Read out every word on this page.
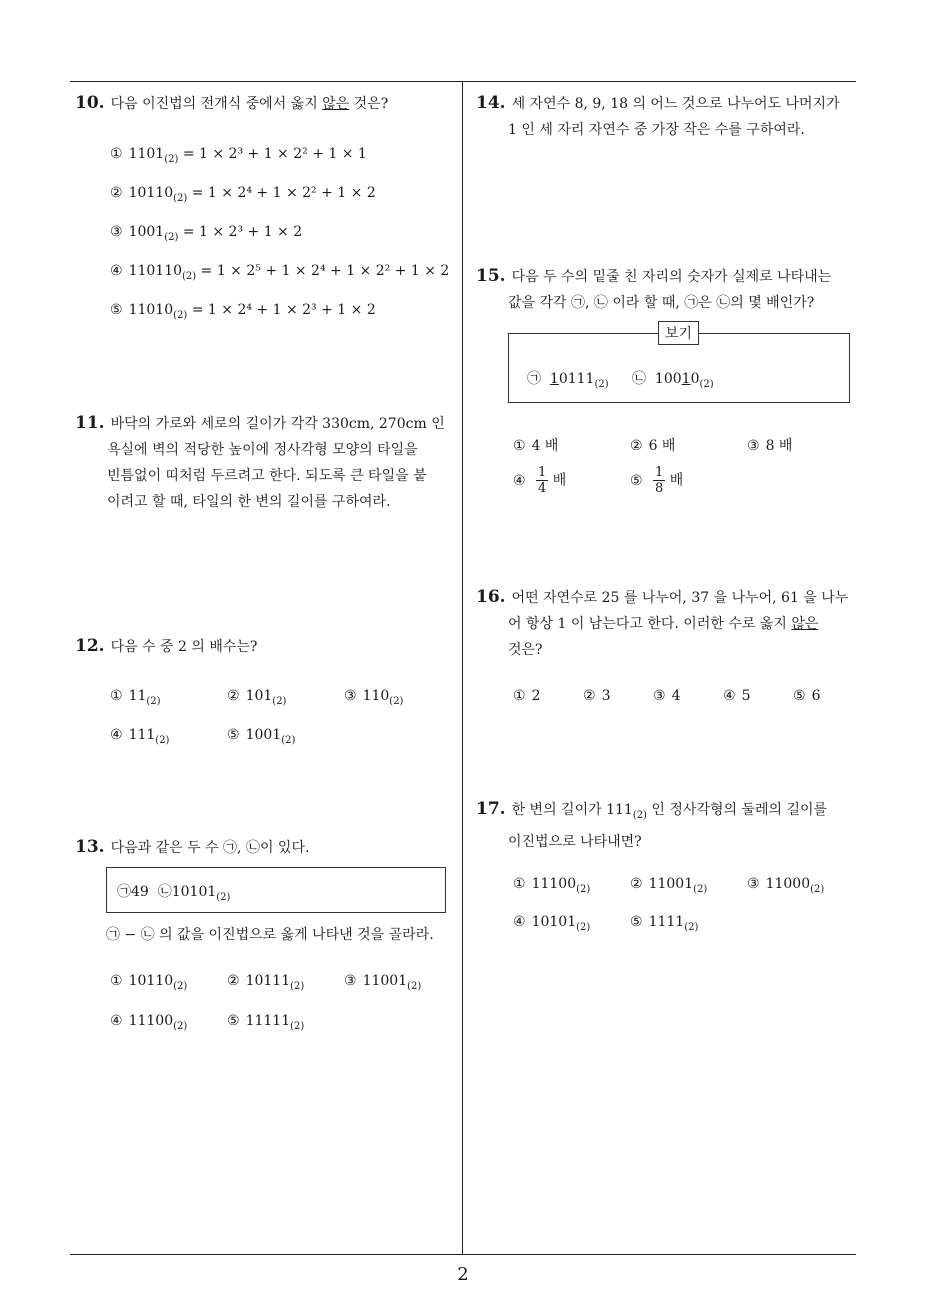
10. 다음 이진법의 전개식 중에서 옳지 않은 것은?
① $1101_{(2)} = 1 \times 2^3 + 1 \times 2^2 + 1 \times 1$
② $10110_{(2)} = 1 \times 2^4 + 1 \times 2^2 + 1 \times 2$
③ $1001_{(2)} = 1 \times 2^3 + 1 \times 2$
④ $110110_{(2)} = 1 \times 2^5 + 1 \times 2^4 + 1 \times 2^2 + 1 \times 2$
⑤ $11010_{(2)} = 1 \times 2^4 + 1 \times 2^3 + 1 \times 2$
11. 바닥의 가로와 세로의 길이가 각각 330cm, 270cm 인
욕실에 벽의 적당한 높이에 정사각형 모양의 타일을
빈틈없이 띠처럼 두르려고 한다. 되도록 큰 타일을 붙
이려고 할 때, 타일의 한 변의 길이를 구하여라.
12. 다음 수 중 2 의 배수는?
① $11_{(2)}$	② $101_{(2)}$	③ $110_{(2)}$
④ $111_{(2)}$	⑤ $1001_{(2)}$
13. 다음과 같은 두 수 ㉠, ㉡이 있다.
㉠49 $㉡10101_{(2)}$
㉠ − ㉡ 의 값을 이진법으로 옳게 나타낸 것을 골라라.
① $10110_{(2)}$	② $10111_{(2)}$	③ $11001_{(2)}$
④ $11100_{(2)}$	⑤ $11111_{(2)}$
14. 세 자연수 8, 9, 18 의 어느 것으로 나누어도 나머지가
1 인 세 자리 자연수 중 가장 작은 수를 구하여라.
15. 다음 두 수의 밑줄 친 자리의 숫자가 실제로 나타내는
값을 각각 ㉠, ㉡ 이라 할 때, ㉠은 ㉡의 몇 배인가?
㉠ $10111_{(2)}$ ㉡ $10010_{(2)}$
보기
① 4 배	② 6 배	③ 8 배
④ $\frac{1}{4}$ 배	⑤ $\frac{1}{8}$ 배
16. 어떤 자연수로 25 를 나누어, 37 을 나누어, 61 을 나누
어 항상 1 이 남는다고 한다. 이러한 수로 옳지 않은
것은?
① 2	② 3	③ 4	④ 5	⑤ 6
17. 한 변의 길이가 $111_{(2)}$ 인 정사각형의 둘레의 길이를
이진법으로 나타내면?
① $11100_{(2)}$	② $11001_{(2)}$	③ $11000_{(2)}$
④ $10101_{(2)}$	⑤ $1111_{(2)}$
2
